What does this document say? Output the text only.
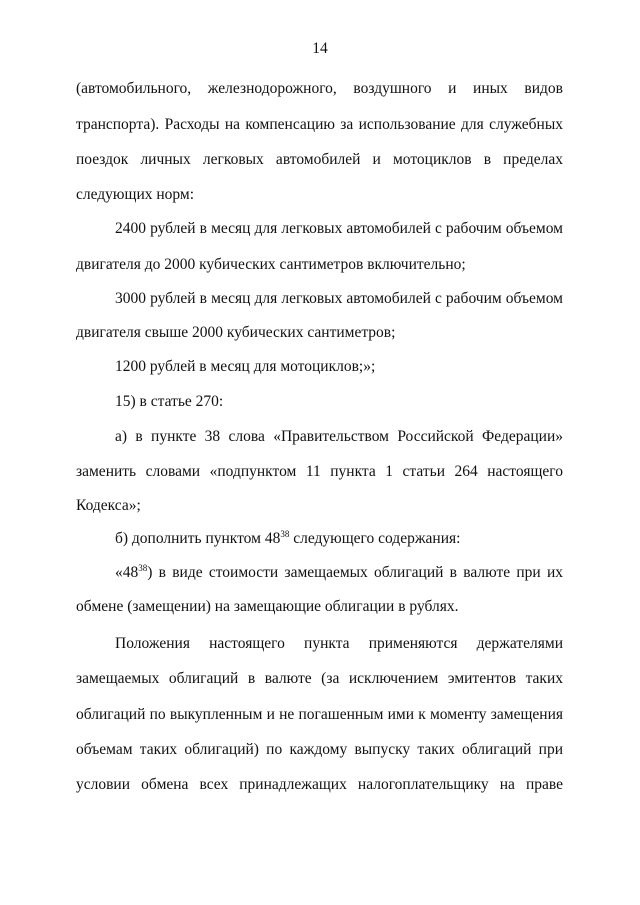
14
(автомобильного, железнодорожного, воздушного и иных видов
транспорта). Расходы на компенсацию за использование для служебных
поездок личных легковых автомобилей и мотоциклов в пределах
следующих норм:
2400 рублей в месяц для легковых автомобилей с рабочим объемом
двигателя до 2000 кубических сантиметров включительно;
3000 рублей в месяц для легковых автомобилей с рабочим объемом
двигателя свыше 2000 кубических сантиметров;
1200 рублей в месяц для мотоциклов;»;
15) в статье 270:
а) в пункте 38 слова «Правительством Российской Федерации»
заменить словами «подпунктом 11 пункта 1 статьи 264 настоящего
Кодекса»;
б) дополнить пунктом $48^{38}$ следующего содержания:
«$48^{38}$) в виде стоимости замещаемых облигаций в валюте при их
обмене (замещении) на замещающие облигации в рублях.
Положения настоящего пункта применяются держателями
замещаемых облигаций в валюте (за исключением эмитентов таких
облигаций по выкупленным и не погашенным ими к моменту замещения
объемам таких облигаций) по каждому выпуску таких облигаций при
условии обмена всех принадлежащих налогоплательщику на праве
